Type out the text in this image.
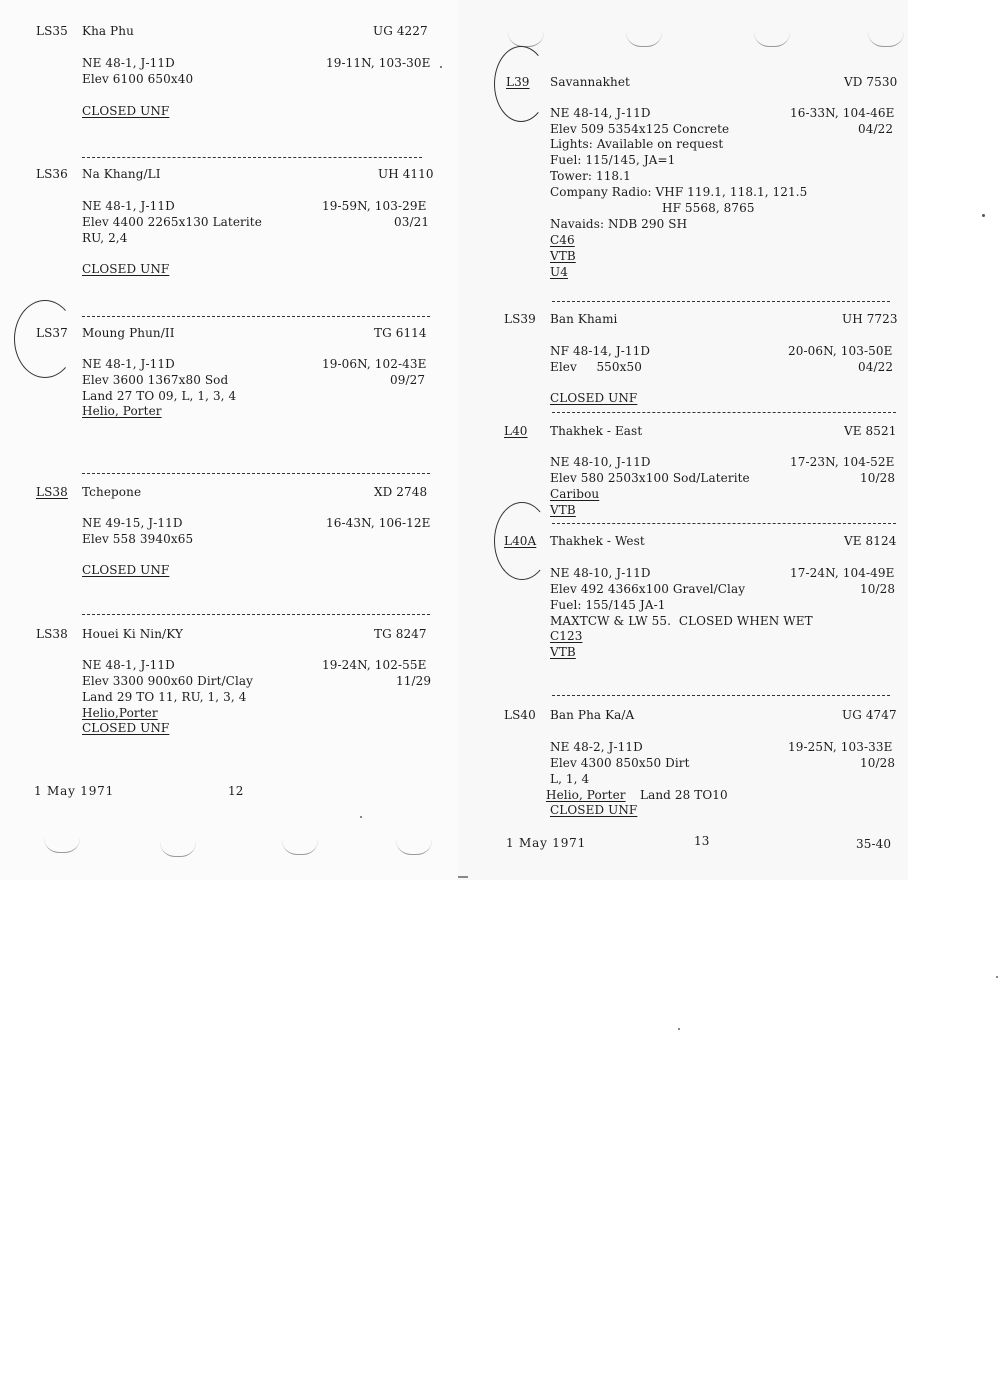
LS35 Kha Phu	UG 4227
NE 48-1, J-11D	19-11N, 103-30E
Elev 6100 650x40
CLOSED UNF
LS36 Na Khang/LI	UH 4110
NE 48-1, J-11D	19-59N, 103-29E
Elev 4400 2265x130 Laterite	03/21
RU, 2,4
CLOSED UNF
LS37 Moung Phun/II	TG 6114
NE 48-1, J-11D	19-06N, 102-43E
Elev 3600 1367x80 Sod	09/27
Land 27 TO 09, L, 1, 3, 4
Helio, Porter
LS38 Tchepone	XD 2748
NE 49-15, J-11D	16-43N, 106-12E
Elev 558 3940x65
CLOSED UNF
LS38 Houei Ki Nin/KY	TG 8247
NE 48-1, J-11D	19-24N, 102-55E
Elev 3300 900x60 Dirt/Clay	11/29
Land 29 TO 11, RU, 1, 3, 4
Helio,Porter
CLOSED UNF
1 May 1971	12
L39 Savannakhet	VD 7530
NE 48-14, J-11D	16-33N, 104-46E
Elev 509 5354x125 Concrete	04/22
Lights: Available on request
Fuel: 115/145, JA=1
Tower: 118.1
Company Radio: VHF 119.1, 118.1, 121.5
HF 5568, 8765
Navaids: NDB 290 SH
C46
VTB
U4
LS39 Ban Khami	UH 7723
NF 48-14, J-11D	20-06N, 103-50E
Elev     550x50	04/22
CLOSED UNF
L40 Thakhek - East	VE 8521
NE 48-10, J-11D	17-23N, 104-52E
Elev 580 2503x100 Sod/Laterite	10/28
Caribou
VTB
L40A Thakhek - West	VE 8124
NE 48-10, J-11D	17-24N, 104-49E
Elev 492 4366x100 Gravel/Clay	10/28
Fuel: 155/145 JA-1
MAXTCW & LW 55.  CLOSED WHEN WET
C123
VTB
LS40 Ban Pha Ka/A	UG 4747
NE 48-2, J-11D	19-25N, 103-33E
Elev 4300 850x50 Dirt	10/28
L, 1, 4
Helio, Porter Land 28 TO10
CLOSED UNF
1 May 1971	13	35-40
